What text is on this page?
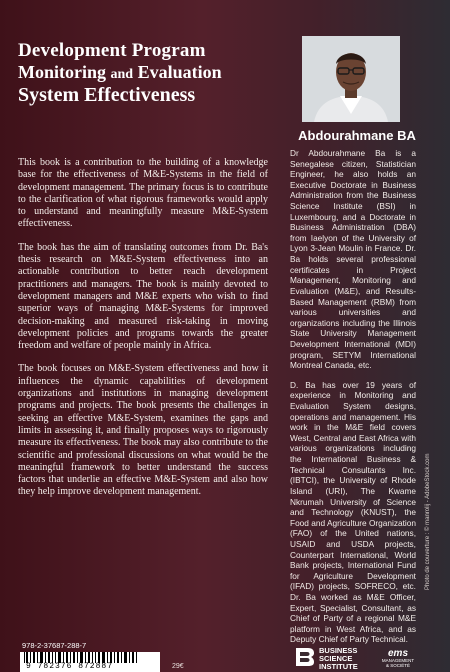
Development Program
Monitoring and Evaluation
System Effectiveness
Abdourahmane BA

This book is a contribution to the building of a knowledge base for the effectiveness of M&E-Systems in the field of development management. The primary focus is to contribute to the clarification of what rigorous frameworks would apply to understand and meaningfully measure M&E-System effectiveness.

The book has the aim of translating outcomes from Dr. Ba's thesis research on M&E-System effectiveness into an actionable contribution to better reach development practitioners and managers. The book is mainly devoted to development managers and M&E experts who wish to find superior ways of managing M&E-Systems for improved decision-making and measured risk-taking in moving development policies and programs towards the greater freedom and welfare of people mainly in Africa.

The book focuses on M&E-System effectiveness and how it influences the dynamic capabilities of development organizations and institutions in managing development programs and projects. The book presents the challenges in seeking an effective M&E-System, examines the gaps and limits in assessing it, and finally proposes ways to rigorously measure its effectiveness. The book may also contribute to the scientific and professional discussions on what would be the meaningful framework to better understand the success factors that underlie an effective M&E-System and also how they help improve development management.

Dr Abdourahmane Ba is a Senegalese citizen, Statistician Engineer, he also holds an Executive Doctorate in Business Administration from the Business Science Institute (BSI) in Luxembourg, and a Doctorate in Business Administration (DBA) from Iaelyon of the University of Lyon 3-Jean Moulin in France. Dr. Ba holds several professional certificates in Project Management, Monitoring and Evaluation (M&E), and Results-Based Management (RBM) from various universities and organizations including the Illinois State University Management Development International (MDI) program, SETYM International Montreal Canada, etc.

D. Ba has over 19 years of experience in Monitoring and Evaluation System designs, operations and management. His work in the M&E field covers West, Central and East Africa with various organizations including the International Business & Technical Consultants Inc. (IBTCI), the University of Rhode Island (URI), The Kwame Nkrumah University of Science and Technology (KNUST), the Food and Agriculture Organization (FAO) of the United nations, USAID and USDA projects, Counterpart International, World Bank projects, International Fund for Agriculture Development (IFAD) projects, SOFRECO, etc. Dr. Ba worked as M&E Officer, Expert, Specialist, Consultant, as Chief of Party of a regional M&E platform in West Africa, and as Deputy Chief of Party Technical.

Photo de couverture : © manrolij - AdobeStock.com
978-2-37687-288-7
9 782376 872887	29€
BUSINESS
SCIENCE
INSTITUTE
ems
MANAGEMENT
& SOCIÉTÉ
